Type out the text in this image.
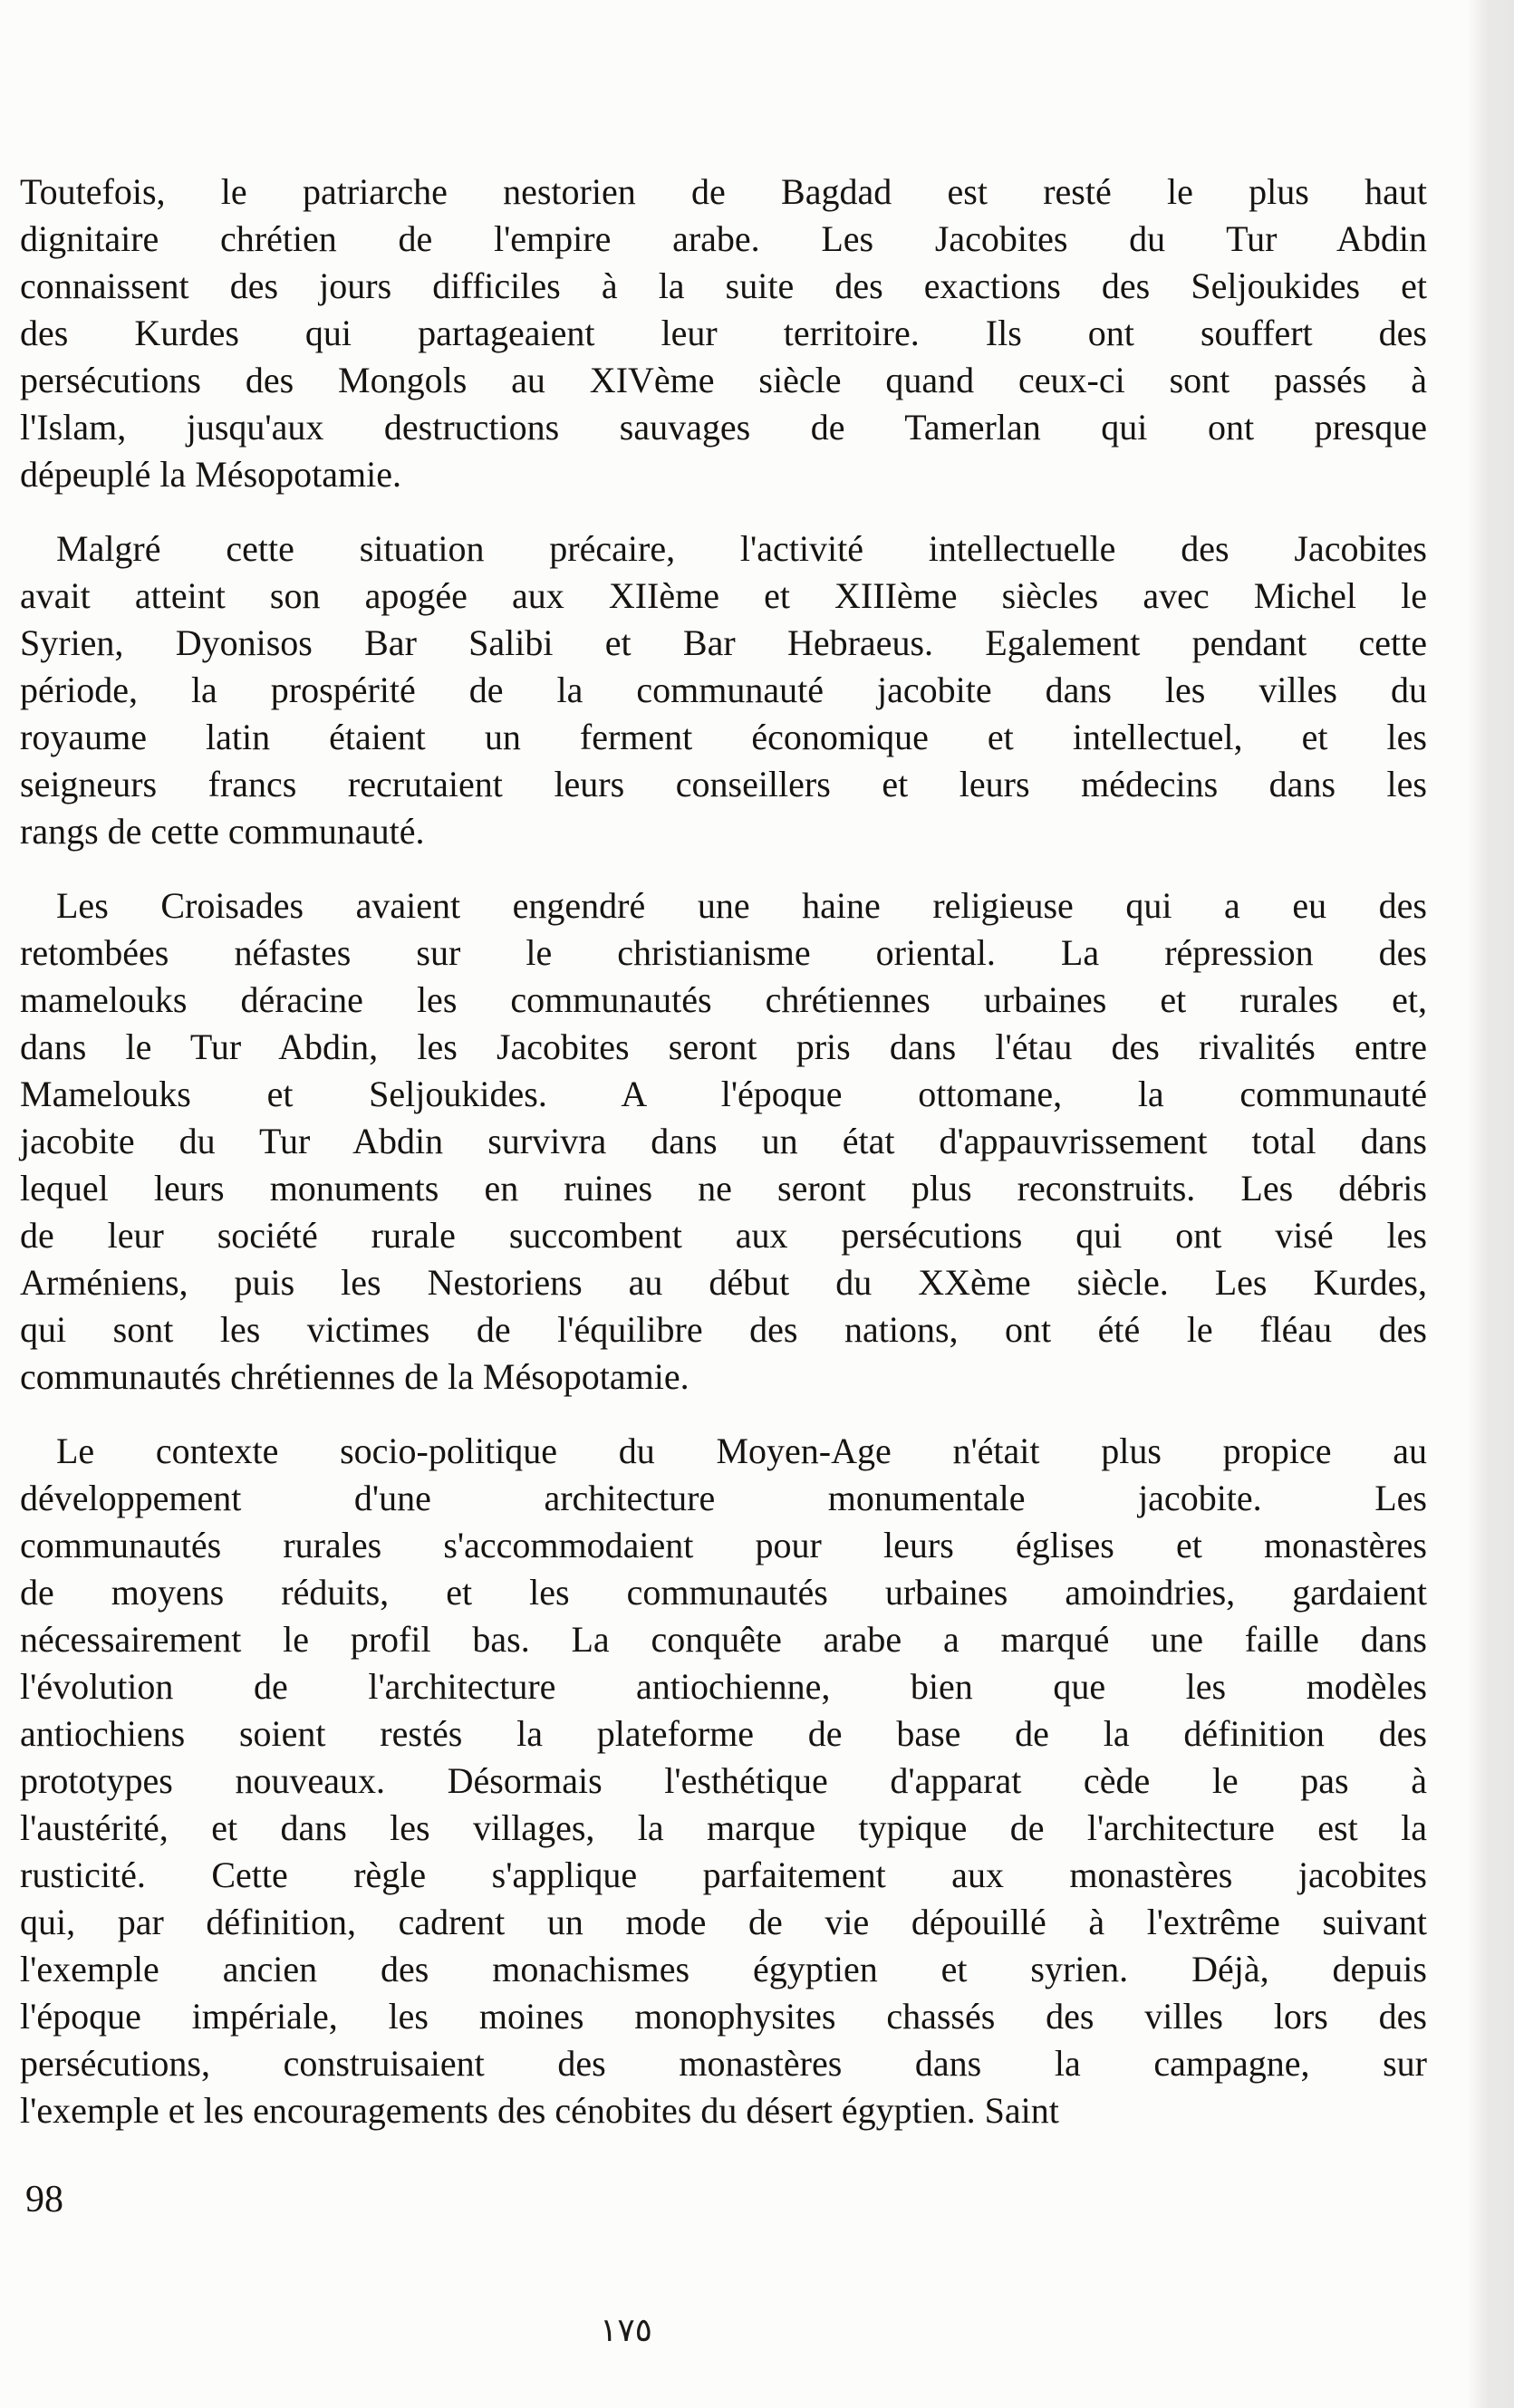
Toutefois, le patriarche nestorien de Bagdad est resté le plus haut
dignitaire chrétien de l'empire arabe. Les Jacobites du Tur Abdin
connaissent des jours difficiles à la suite des exactions des Seljoukides et
des Kurdes qui partageaient leur territoire. Ils ont souffert des
persécutions des Mongols au XIVème siècle quand ceux-ci sont passés à
l'Islam, jusqu'aux destructions sauvages de Tamerlan qui ont presque
dépeuplé la Mésopotamie.
Malgré cette situation précaire, l'activité intellectuelle des Jacobites
avait atteint son apogée aux XIIème et XIIIème siècles avec Michel le
Syrien, Dyonisos Bar Salibi et Bar Hebraeus. Egalement pendant cette
période, la prospérité de la communauté jacobite dans les villes du
royaume latin étaient un ferment économique et intellectuel, et les
seigneurs francs recrutaient leurs conseillers et leurs médecins dans les
rangs de cette communauté.
Les Croisades avaient engendré une haine religieuse qui a eu des
retombées néfastes sur le christianisme oriental. La répression des
mamelouks déracine les communautés chrétiennes urbaines et rurales et,
dans le Tur Abdin, les Jacobites seront pris dans l'étau des rivalités entre
Mamelouks et Seljoukides. A l'époque ottomane, la communauté
jacobite du Tur Abdin survivra dans un état d'appauvrissement total dans
lequel leurs monuments en ruines ne seront plus reconstruits. Les débris
de leur société rurale succombent aux persécutions qui ont visé les
Arméniens, puis les Nestoriens au début du XXème siècle. Les Kurdes,
qui sont les victimes de l'équilibre des nations, ont été le fléau des
communautés chrétiennes de la Mésopotamie.
Le contexte socio-politique du Moyen-Age n'était plus propice au
développement d'une architecture monumentale jacobite. Les
communautés rurales s'accommodaient pour leurs églises et monastères
de moyens réduits, et les communautés urbaines amoindries, gardaient
nécessairement le profil bas. La conquête arabe a marqué une faille dans
l'évolution de l'architecture antiochienne, bien que les modèles
antiochiens soient restés la plateforme de base de la définition des
prototypes nouveaux. Désormais l'esthétique d'apparat cède le pas à
l'austérité, et dans les villages, la marque typique de l'architecture est la
rusticité. Cette règle s'applique parfaitement aux monastères jacobites
qui, par définition, cadrent un mode de vie dépouillé à l'extrême suivant
l'exemple ancien des monachismes égyptien et syrien. Déjà, depuis
l'époque impériale, les moines monophysites chassés des villes lors des
persécutions, construisaient des monastères dans la campagne, sur
l'exemple et les encouragements des cénobites du désert égyptien. Saint
98
١٧٥
